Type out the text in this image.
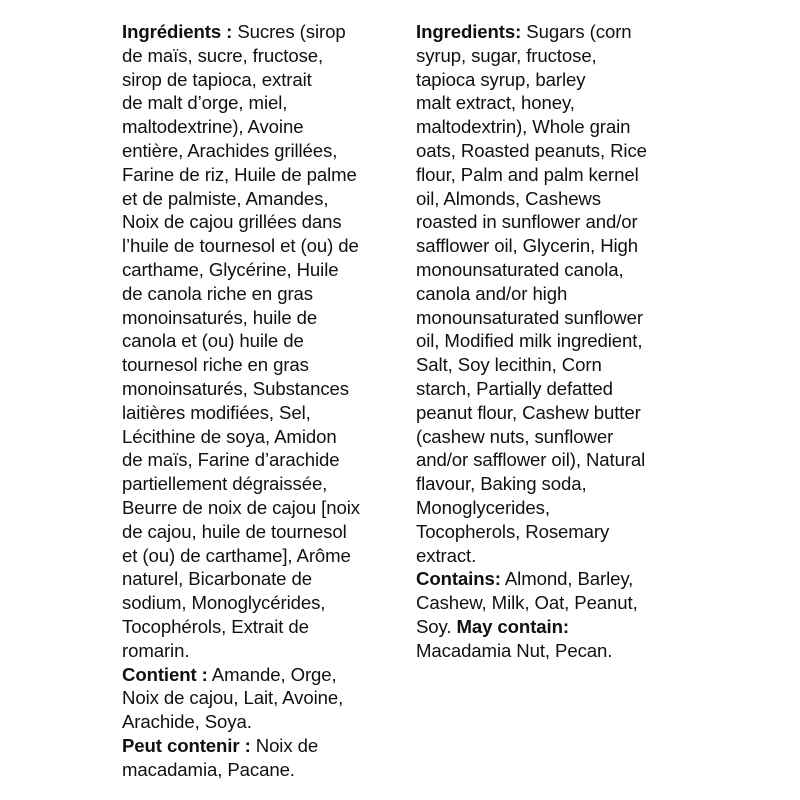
Ingrédients : Sucres (sirop
de maïs, sucre, fructose,
sirop de tapioca, extrait
de malt d’orge, miel,
maltodextrine), Avoine
entière, Arachides grillées,
Farine de riz, Huile de palme
et de palmiste, Amandes,
Noix de cajou grillées dans
l’huile de tournesol et (ou) de
carthame, Glycérine, Huile
de canola riche en gras
monoinsaturés, huile de
canola et (ou) huile de
tournesol riche en gras
monoinsaturés, Substances
laitières modifiées, Sel,
Lécithine de soya, Amidon
de maïs, Farine d’arachide
partiellement dégraissée,
Beurre de noix de cajou [noix
de cajou, huile de tournesol
et (ou) de carthame], Arôme
naturel, Bicarbonate de
sodium, Monoglycérides,
Tocophérols, Extrait de
romarin.
Contient : Amande, Orge,
Noix de cajou, Lait, Avoine,
Arachide, Soya.
Peut contenir : Noix de
macadamia, Pacane.
Ingredients: Sugars (corn
syrup, sugar, fructose,
tapioca syrup, barley
malt extract, honey,
maltodextrin), Whole grain
oats, Roasted peanuts, Rice
flour, Palm and palm kernel
oil, Almonds, Cashews
roasted in sunflower and/or
safflower oil, Glycerin, High
monounsaturated canola,
canola and/or high
monounsaturated sunflower
oil, Modified milk ingredient,
Salt, Soy lecithin, Corn
starch, Partially defatted
peanut flour, Cashew butter
(cashew nuts, sunflower
and/or safflower oil), Natural
flavour, Baking soda,
Monoglycerides,
Tocopherols, Rosemary
extract.
Contains: Almond, Barley,
Cashew, Milk, Oat, Peanut,
Soy. May contain:
Macadamia Nut, Pecan.
